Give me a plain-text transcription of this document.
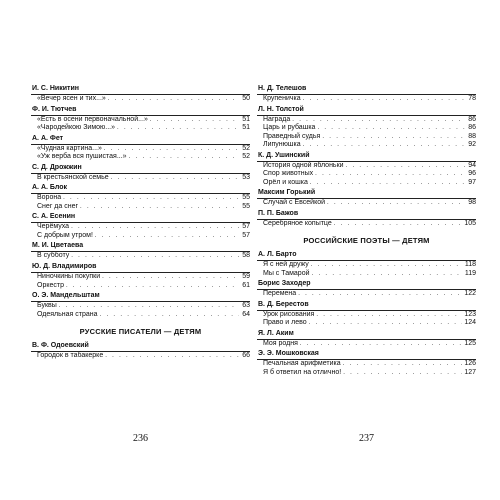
И. С. Никитин
«Вечер ясен и тих...» . . .	50
Ф. И. Тютчев
«Есть в осени первоначальной...» . . .	51
«Чародейкою Зимою...» . . .	51
А. А. Фет
«Чудная картина...» . . .	52
«Уж верба вся пушистая...» . . .	52
С. Д. Дрожжин
В крестьянской семье . . .	53
А. А. Блок
Ворона . . .	55
Снег да снег . . .	55
С. А. Есенин
Черёмуха . . .	57
С добрым утром! . . .	57
М. И. Цветаева
В субботу . . .	58
Ю. Д. Владимиров
Ниночкины покупки . . .	59
Оркестр . . .	61
О. Э. Мандельштам
Буквы . . .	63
Одеяльная страна . . .	64
РУССКИЕ ПИСАТЕЛИ — ДЕТЯМ
В. Ф. Одоевский
Городок в табакерке . . .	66
236
Н. Д. Телешов
Крупеничка . . .	78
Л. Н. Толстой
Награда . . .	86
Царь и рубашка . . .	86
Праведный судья . . .	88
Липунюшка . . .	92
К. Д. Ушинский
История одной яблоньки . . .	94
Спор животных . . .	96
Орёл и кошка . . .	97
Максим Горький
Случай с Евсейкой . . .	98
П. П. Бажов
Серебряное копытце . . .	105
РОССИЙСКИЕ ПОЭТЫ — ДЕТЯМ
А. Л. Барто
Я с ней дружу . . .	118
Мы с Тамарой . . .	119
Борис Заходер
Перемена . . .	122
В. Д. Берестов
Урок рисования . . .	123
Право и лево . . .	124
Я. Л. Аким
Моя родня . . .	125
Э. Э. Мошковская
Печальная арифметика . . .	126
Я б ответил на отлично! . . .	127
237
